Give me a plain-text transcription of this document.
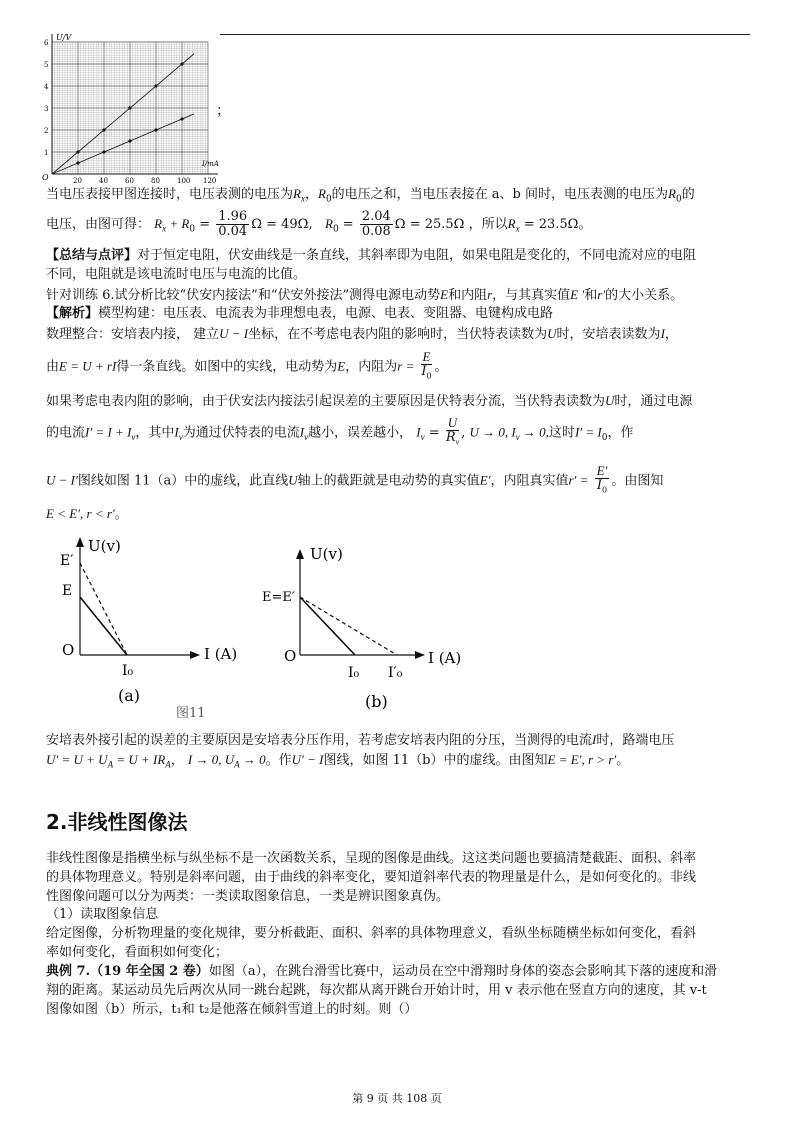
1
2
3
4
5
6
20 40 60 80 100 120
U/V
I/mA
O
；
当电压表接甲图连接时，电压表测的电压为$R_x$，$R_0$的电压之和，当电压表接在 a、b 间时，电压表测的电压为$R_0$的
电压，由图可得： $R_x + R_0 = \frac{1.96}{0.04}$ Ω = 49Ω, $R_0 = \frac{2.04}{0.08}$ Ω = 25.5Ω ，所以$R_x = 23.5\Omega$。
【总结与点评】对于恒定电阻，伏安曲线是一条直线，其斜率即为电阻，如果电阻是变化的，不同电流对应的电阻
不同，电阻就是该电流时电压与电流的比值。
针对训练 6.试分析比较“伏安内接法”和“伏安外接法”测得电源电动势E和内阻r，与其真实值E ′和r′的大小关系。
【解析】模型构建：电压表、电流表为非理想电表，电源、电表、变阻器、电键构成电路
数理整合：安培表内接， 建立U − I坐标，在不考虑电表内阻的影响时，当伏特表读数为U时，安培表读数为I，
由E = U + rI得一条直线。如图中的实线，电动势为E，内阻为$r = \frac{E}{I_0}$ 。
如果考虑电表内阻的影响，由于伏安法内接法引起误差的主要原因是伏特表分流，当伏特表读数为U时，通过电源
的电流$I' = I + I_v$，其中$I_v$为通过伏特表的电流$I_v$越小，误差越小， $I_v = \frac{U}{R_v}$ , U → 0, $I_v \to 0$,这时$I' = I_0$，作
U − I′图线如图 11（a）中的虚线，此直线U轴上的截距就是电动势的真实值E′，内阻真实值$r' = \frac{E'}{I_0}$ 。由图知
E < E′, r < r′。
U(v)
E′
E
O
I₀
I (A)
(a)
图11
U(v)
E=E′
O
I₀ I′₀
I (A)
(b)
安培表外接引起的误差的主要原因是安培表分压作用，若考虑安培表内阻的分压，当测得的电流I时，路端电压
$U' = U + U_A = U + IR_A$， I → 0, $U_A \to 0$。作U′ − I图线，如图 11（b）中的虚线。由图知E = E′, r > r′。
2.非线性图像法
非线性图像是指横坐标与纵坐标不是一次函数关系，呈现的图像是曲线。这这类问题也要搞清楚截距、面积、斜率
的具体物理意义。特别是斜率问题，由于曲线的斜率变化，要知道斜率代表的物理量是什么，是如何变化的。非线
性图像问题可以分为两类：一类读取图象信息，一类是辨识图象真伪。
（1）读取图象信息
给定图像，分析物理量的变化规律，要分析截距、面积、斜率的具体物理意义，看纵坐标随横坐标如何变化，看斜
率如何变化，看面积如何变化；
典例 7.（19 年全国 2 卷）如图（a），在跳台滑雪比赛中，运动员在空中滑翔时身体的姿态会影响其下落的速度和滑
翔的距离。某运动员先后两次从同一跳台起跳，每次都从离开跳台开始计时，用 v 表示他在竖直方向的速度，其 v-t
图像如图（b）所示，t₁和 t₂是他落在倾斜雪道上的时刻。则（）
第 9 页 共 108 页
